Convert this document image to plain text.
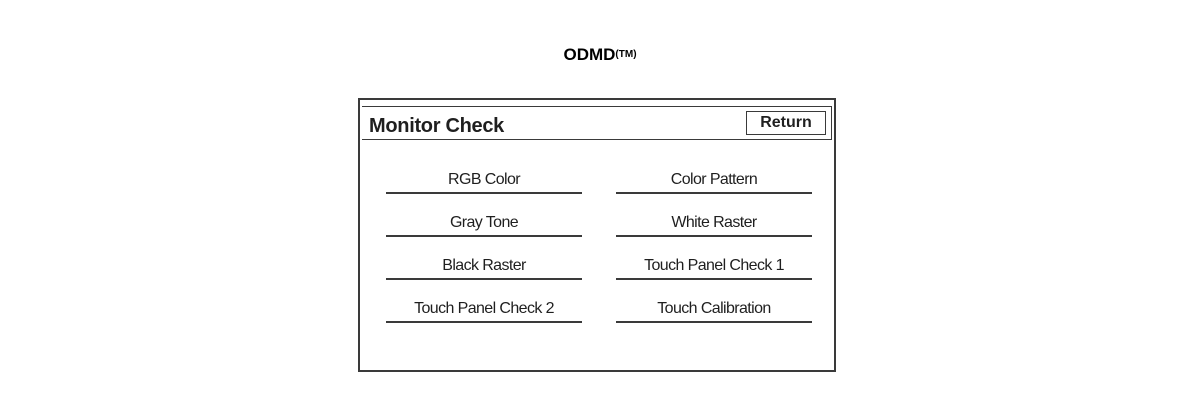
$ODMD^{(TM)}$
Monitor Check	Return
RGB Color	Color Pattern
Gray Tone	White Raster
Black Raster	Touch Panel Check 1
Touch Panel Check 2	Touch Calibration
